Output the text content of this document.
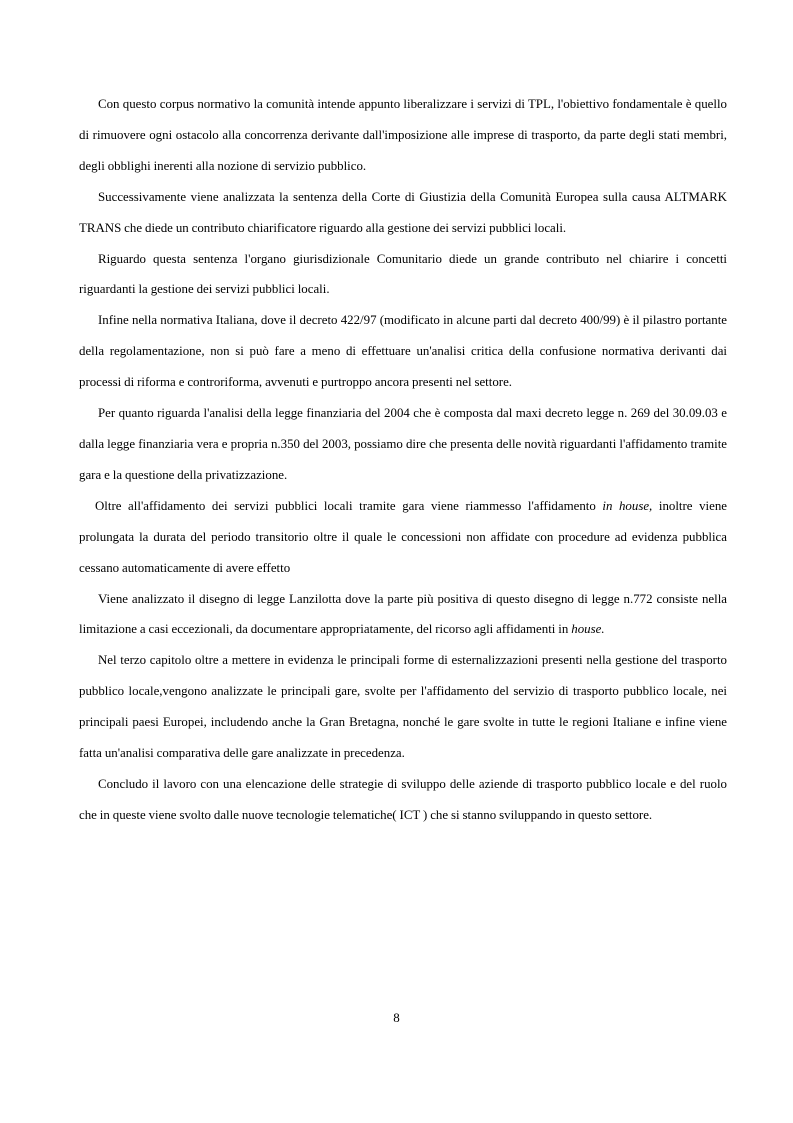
Con questo corpus normativo la comunità intende appunto liberalizzare i servizi di TPL, l'obiettivo fondamentale è quello di rimuovere ogni ostacolo alla concorrenza derivante dall'imposizione alle imprese di trasporto, da parte degli stati membri, degli obblighi inerenti alla nozione di servizio pubblico.

Successivamente viene analizzata la sentenza della Corte di Giustizia della Comunità Europea sulla causa ALTMARK TRANS che diede un contributo chiarificatore riguardo alla gestione dei servizi pubblici locali.

Riguardo questa sentenza l'organo giurisdizionale Comunitario diede un grande contributo nel chiarire i concetti riguardanti la gestione dei servizi pubblici locali.

Infine nella normativa Italiana, dove il decreto 422/97 (modificato in alcune parti dal decreto 400/99) è il pilastro portante della regolamentazione, non si può fare a meno di effettuare un'analisi critica della confusione normativa derivanti dai processi di riforma e controriforma, avvenuti e purtroppo ancora presenti nel settore.

Per quanto riguarda l'analisi della legge finanziaria del 2004 che è composta dal maxi decreto legge n. 269 del 30.09.03 e dalla legge finanziaria vera e propria n.350 del 2003, possiamo dire che presenta delle novità riguardanti l'affidamento tramite gara e la questione della privatizzazione.

Oltre all'affidamento dei servizi pubblici locali tramite gara viene riammesso l'affidamento in house, inoltre viene prolungata la durata del periodo transitorio oltre il quale le concessioni non affidate con procedure ad evidenza pubblica cessano automaticamente di avere effetto

Viene analizzato il disegno di legge Lanzilotta dove la parte più positiva di questo disegno di legge n.772 consiste nella limitazione a casi eccezionali, da documentare appropriatamente, del ricorso agli affidamenti in house.

Nel terzo capitolo oltre a mettere in evidenza le principali forme di esternalizzazioni presenti nella gestione del trasporto pubblico locale,vengono analizzate le principali gare, svolte per l'affidamento del servizio di trasporto pubblico locale, nei principali paesi Europei, includendo anche la Gran Bretagna, nonché le gare svolte in tutte le regioni Italiane e infine viene fatta un'analisi comparativa delle gare analizzate in precedenza.

Concludo il lavoro con una elencazione delle strategie di sviluppo delle aziende di trasporto pubblico locale e del ruolo che in queste viene svolto dalle nuove tecnologie telematiche( ICT ) che si stanno sviluppando in questo settore.

8
